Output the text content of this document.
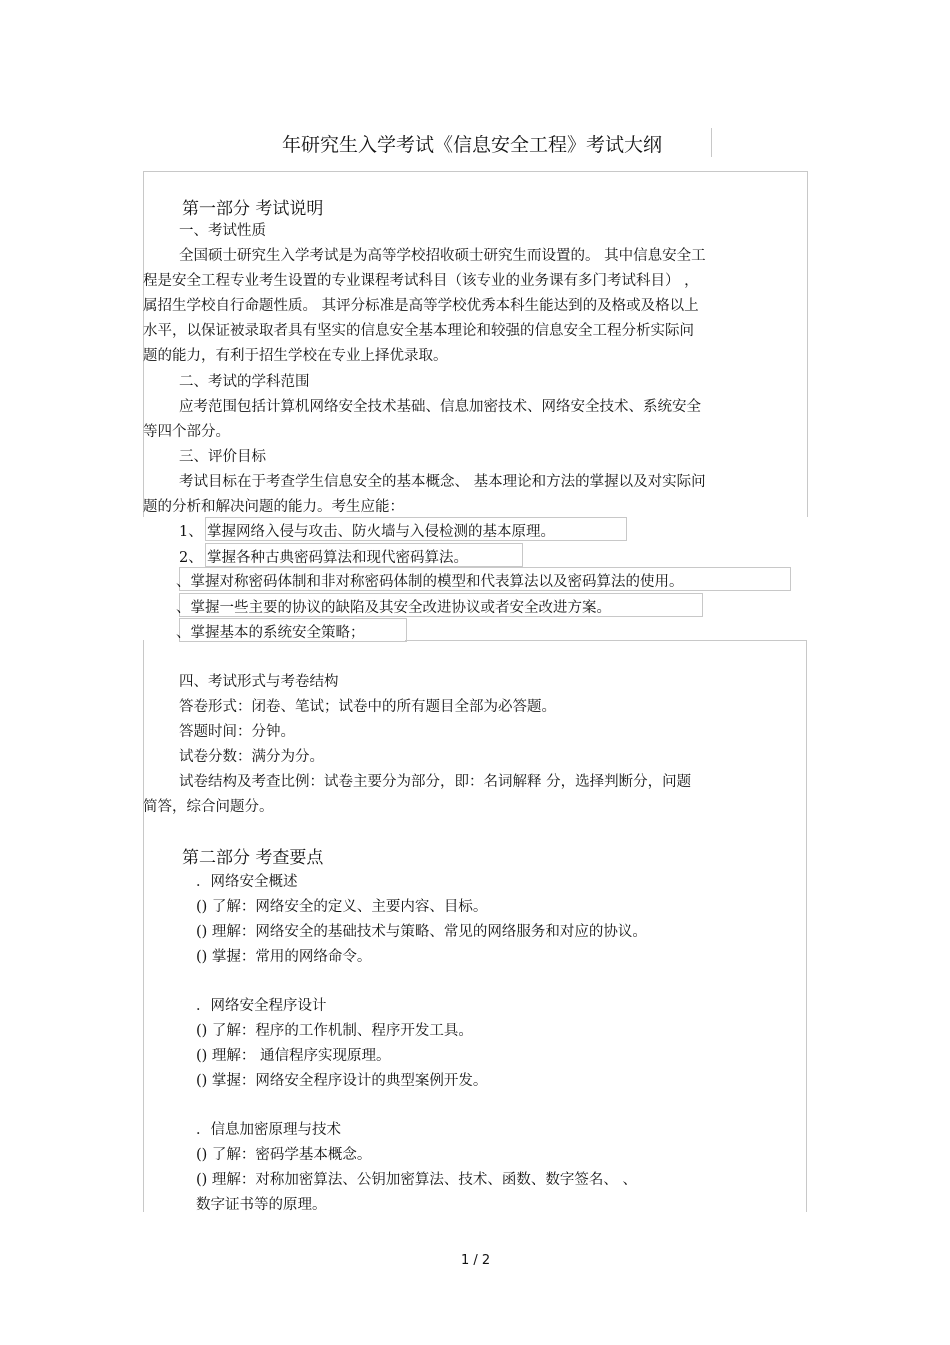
年研究生入学考试《信息安全工程》考试大纲
第一部分 考试说明
一、考试性质
全国硕士研究生入学考试是为高等学校招收硕士研究生而设置的。 其中信息安全工
程是安全工程专业考生设置的专业课程考试科目（该专业的业务课有多门考试科目） ，
属招生学校自行命题性质。 其评分标准是高等学校优秀本科生能达到的及格或及格以上
水平，以保证被录取者具有坚实的信息安全基本理论和较强的信息安全工程分析实际问
题的能力，有利于招生学校在专业上择优录取。
二、考试的学科范围
应考范围包括计算机网络安全技术基础、信息加密技术、网络安全技术、系统安全
等四个部分。
三、评价目标
考试目标在于考查学生信息安全的基本概念、 基本理论和方法的掌握以及对实际问
题的分析和解决问题的能力。考生应能：
1、 掌握网络入侵与攻击、防火墙与入侵检测的基本原理。
2、 掌握各种古典密码算法和现代密码算法。
、掌握对称密码体制和非对称密码体制的模型和代表算法以及密码算法的使用。
、掌握一些主要的协议的缺陷及其安全改进协议或者安全改进方案。
、掌握基本的系统安全策略；
四、考试形式与考卷结构
答卷形式：闭卷、笔试；试卷中的所有题目全部为必答题。
答题时间：分钟。
试卷分数：满分为分。
试卷结构及考查比例：试卷主要分为部分，即：名词解释 分，选择判断分，问题
简答，综合问题分。
第二部分 考查要点
．网络安全概述
() 了解：网络安全的定义、主要内容、目标。
() 理解：网络安全的基础技术与策略、常见的网络服务和对应的协议。
() 掌握：常用的网络命令。
．网络安全程序设计
() 了解：程序的工作机制、程序开发工具。
() 理解： 通信程序实现原理。
() 掌握：网络安全程序设计的典型案例开发。
．信息加密原理与技术
() 了解：密码学基本概念。
() 理解：对称加密算法、公钥加密算法、技术、函数、数字签名、 、
数字证书等的原理。
1 / 2
